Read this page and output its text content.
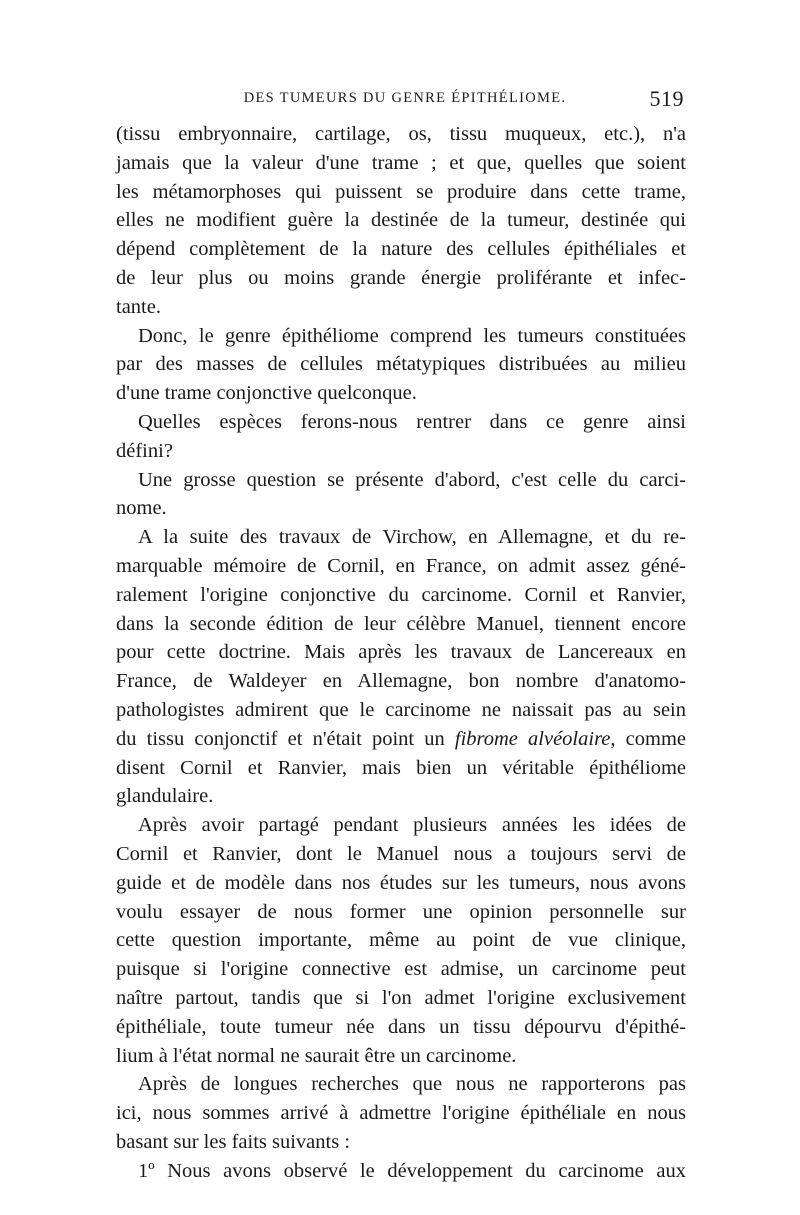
DES TUMEURS DU GENRE ÉPITHÉLIOME.	519
(tissu embryonnaire, cartilage, os, tissu muqueux, etc.), n'a
jamais que la valeur d'une trame ; et que, quelles que soient
les métamorphoses qui puissent se produire dans cette trame,
elles ne modifient guère la destinée de la tumeur, destinée qui
dépend complètement de la nature des cellules épithéliales et
de leur plus ou moins grande énergie proliférante et infec-
tante.
Donc, le genre épithéliome comprend les tumeurs constituées
par des masses de cellules métatypiques distribuées au milieu
d'une trame conjonctive quelconque.
Quelles espèces ferons-nous rentrer dans ce genre ainsi
défini?
Une grosse question se présente d'abord, c'est celle du carci-
nome.
A la suite des travaux de Virchow, en Allemagne, et du re-
marquable mémoire de Cornil, en France, on admit assez géné-
ralement l'origine conjonctive du carcinome. Cornil et Ranvier,
dans la seconde édition de leur célèbre Manuel, tiennent encore
pour cette doctrine. Mais après les travaux de Lancereaux en
France, de Waldeyer en Allemagne, bon nombre d'anatomo-
pathologistes admirent que le carcinome ne naissait pas au sein
du tissu conjonctif et n'était point un fibrome alvéolaire, comme
disent Cornil et Ranvier, mais bien un véritable épithéliome
glandulaire.
Après avoir partagé pendant plusieurs années les idées de
Cornil et Ranvier, dont le Manuel nous a toujours servi de
guide et de modèle dans nos études sur les tumeurs, nous avons
voulu essayer de nous former une opinion personnelle sur
cette question importante, même au point de vue clinique,
puisque si l'origine connective est admise, un carcinome peut
naître partout, tandis que si l'on admet l'origine exclusivement
épithéliale, toute tumeur née dans un tissu dépourvu d'épithé-
lium à l'état normal ne saurait être un carcinome.
Après de longues recherches que nous ne rapporterons pas
ici, nous sommes arrivé à admettre l'origine épithéliale en nous
basant sur les faits suivants :
1º Nous avons observé le développement du carcinome aux
